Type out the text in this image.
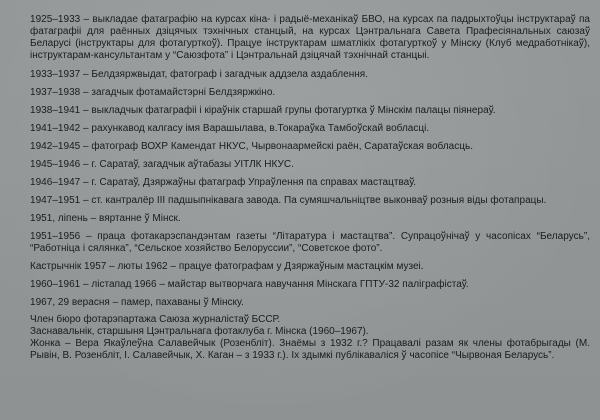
1925–1933 – выкладае фатаграфію на курсах кіна- і радыё-механікаў БВО, на курсах па падрыхтоўцы інструктараў па фатаграфіі для раённых дзіцячых тэхнічных станцый, на курсах Цэнтральнага Савета Прафесіянальных саюзаў Беларусі (інструктары для фотагурткоў). Працуе інструктарам шматлікіх фотагурткоў у Мінску (Клуб медработнікаў), інструктарам-кансультантам у “Саюзфота” і Цэнтральнай дзіцячай тэхнічнай станцыі.

1933–1937 – Белдзяржвыдат, фатограф і загадчык аддзела аздаблення.

1937–1938 – загадчык фотамайстэрні Белдзяржкіно.

1938–1941 – выкладчык фатаграфіі і кіраўнік старшай групы фотагуртка ў Мінскім палацы піянераў.

1941–1942 – рахункавод калгасу імя Варашылава, в.Токараўка Тамбоўскай вобласці.

1942–1945 – фатограф ВОХР Камендат НКУС, Чырвонаармейскі раён, Саратаўская вобласць.

1945–1946 – г. Саратаў, загадчык аўтабазы УІТЛК НКУС.

1946–1947 – г. Саратаў, Дзяржаўны фатаграф Упраўлення па справах мастацтваў.

1947–1951 – ст. кантралёр III падшыпнікавага завода. Па сумяшчальніцтве выконваў розныя віды фотапрацы.

1951, ліпень – вяртанне ў Мінск.

1951–1956 – праца фотакарэспандэнтам газеты “Літаратура і мастацтва”. Супрацоўнічаў у часопісах “Беларусь”, “Работніца і сялянка”, “Сельское хозяйство Белоруссии”, “Советское фото”.

Кастрычнік 1957 – люты 1962 – працуе фатографам у Дзяржаўным мастацкім музеі.

1960–1961 – лістапад 1966 – майстар вытворчага навучання Мінскага ГПТУ-32 паліграфістаў.

1967, 29 верасня – памер, пахаваны ў Мінску.

Член бюро фотарэпартажа Саюза журналістаў БССР.

Заснавальнік, старшыня Цэнтральнага фотаклуба г. Мінска (1960–1967).

Жонка – Вера Якаўлеўна Салавейчык (Розенбліт). Знаёмы з 1932 г.? Працавалі разам як члены фотабрыгады (М. Рывін, В. Розенбліт, І. Салавейчык, Х. Каган – з 1933 г.). Іх здымкі публікаваліся ў часопісе “Чырвоная Беларусь”.
